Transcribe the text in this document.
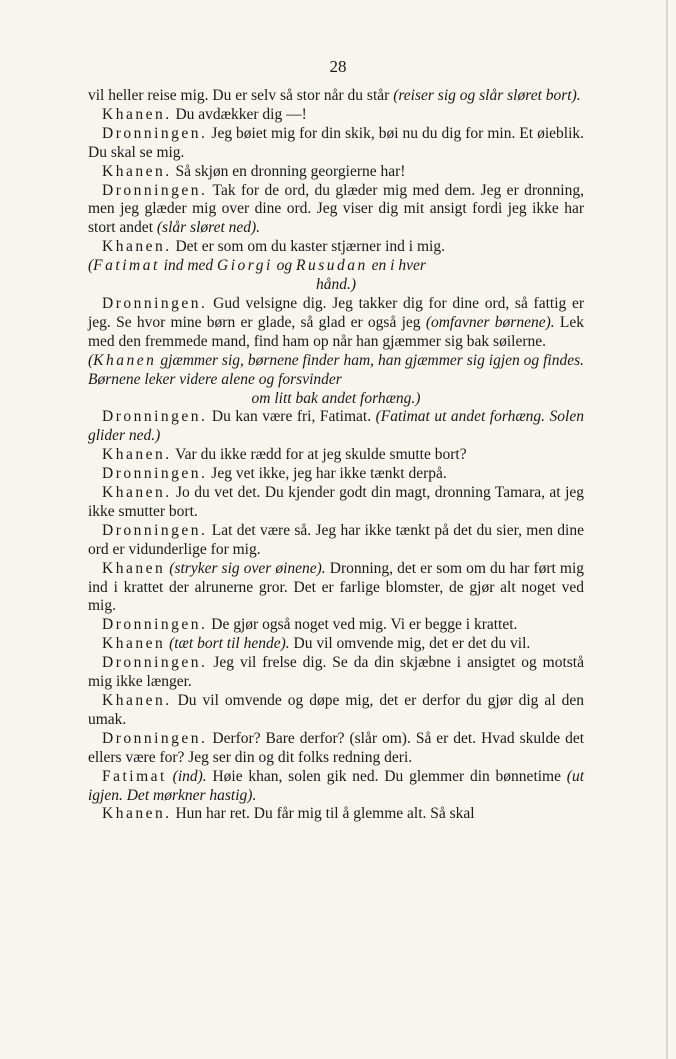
28

vil heller reise mig. Du er selv så stor når du står (reiser sig og slår sløret bort).

Khanen. Du avdækker dig —!

Dronningen. Jeg bøiet mig for din skik, bøi nu du dig for min. Et øieblik. Du skal se mig.

Khanen. Så skjøn en dronning georgierne har!

Dronningen. Tak for de ord, du glæder mig med dem. Jeg er dronning, men jeg glæder mig over dine ord. Jeg viser dig mit ansigt fordi jeg ikke har stort andet (slår sløret ned).

Khanen. Det er som om du kaster stjærner ind i mig.

(Fatimat ind med Giorgi og Rusudan en i hver

hånd.)

Dronningen. Gud velsigne dig. Jeg takker dig for dine ord, så fattig er jeg. Se hvor mine børn er glade, så glad er også jeg (omfavner børnene). Lek med den fremmede mand, find ham op når han gjæmmer sig bak søilerne.

(Khanen gjæmmer sig, børnene finder ham, han gjæmmer sig igjen og findes. Børnene leker videre alene og forsvinder

om litt bak andet forhæng.)

Dronningen. Du kan være fri, Fatimat. (Fatimat ut andet forhæng. Solen glider ned.)

Khanen. Var du ikke rædd for at jeg skulde smutte bort?

Dronningen. Jeg vet ikke, jeg har ikke tænkt derpå.

Khanen. Jo du vet det. Du kjender godt din magt, dronning Tamara, at jeg ikke smutter bort.

Dronningen. Lat det være så. Jeg har ikke tænkt på det du sier, men dine ord er vidunderlige for mig.

Khanen (stryker sig over øinene). Dronning, det er som om du har ført mig ind i krattet der alrunerne gror. Det er farlige blomster, de gjør alt noget ved mig.

Dronningen. De gjør også noget ved mig. Vi er begge i krattet.

Khanen (tæt bort til hende). Du vil omvende mig, det er det du vil.

Dronningen. Jeg vil frelse dig. Se da din skjæbne i ansigtet og motstå mig ikke længer.

Khanen. Du vil omvende og døpe mig, det er derfor du gjør dig al den umak.

Dronningen. Derfor? Bare derfor? (slår om). Så er det. Hvad skulde det ellers være for? Jeg ser din og dit folks redning deri.

Fatimat (ind). Høie khan, solen gik ned. Du glemmer din bønnetime (ut igjen. Det mørkner hastig).

Khanen. Hun har ret. Du får mig til å glemme alt. Så skal
